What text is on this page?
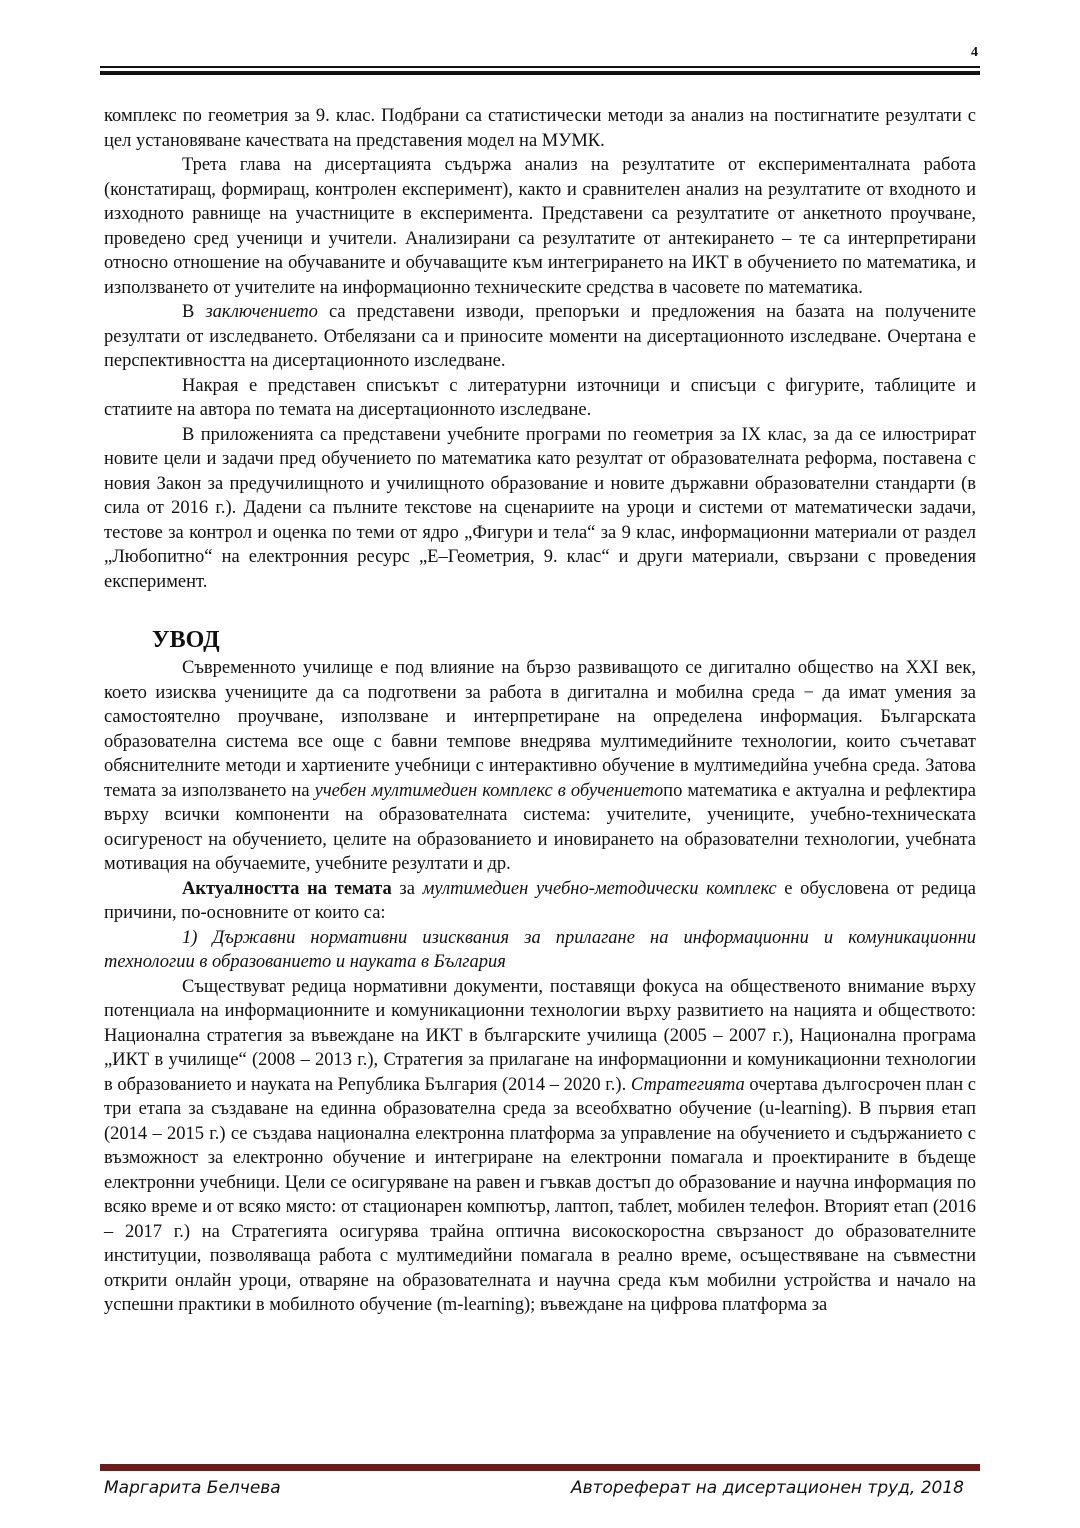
4

комплекс по геометрия за 9. клас. Подбрани са статистически методи за анализ на постигнатите резултати с цел установяване качествата на представения модел на МУМК.

Трета глава на дисертацията съдържа анализ на резултатите от експерименталната работа (констатиращ, формиращ, контролен експеримент), както и сравнителен анализ на резултатите от входното и изходното равнище на участниците в експеримента. Представени са резултатите от анкетното проучване, проведено сред ученици и учители. Анализирани са резултатите от антекирането – те са интерпретирани относно отношение на обучаваните и обучаващите към интегрирането на ИКТ в обучението по математика, и използването от учителите на информационно техническите средства в часовете по математика.

В заключението са представени изводи, препоръки и предложения на базата на получените резултати от изследването. Отбелязани са и приносите моменти на дисертационното изследване. Очертана е перспективността на дисертационното изследване.

Накрая е представен списъкът с литературни източници и списъци с фигурите, таблиците и статиите на автора по темата на дисертационното изследване.

В приложенията са представени учебните програми по геометрия за IX клас, за да се илюстрират новите цели и задачи пред обучението по математика като резултат от образователната реформа, поставена с новия Закон за предучилищното и училищното образование и новите държавни образователни стандарти (в сила от 2016 г.). Дадени са пълните текстове на сценариите на уроци и системи от математически задачи, тестове за контрол и оценка по теми от ядро „Фигури и тела“ за 9 клас, информационни материали от раздел „Любопитно“ на електронния ресурс „Е–Геометрия, 9. клас“ и други материали, свързани с проведения експеримент.

УВОД

Съвременното училище е под влияние на бързо развиващото се дигитално общество на XXI век, което изисква учениците да са подготвени за работа в дигитална и мобилна среда − да имат умения за самостоятелно проучване, използване и интерпретиране на определена информация. Българската образователна система все още с бавни темпове внедрява мултимедийните технологии, които съчетават обяснителните методи и хартиените учебници с интерактивно обучение в мултимедийна учебна среда. Затова темата за използването на учебен мултимедиен комплекс в обучениетопо математика е актуална и рефлектира върху всички компоненти на образователната система: учителите, учениците, учебно-техническата осигуреност на обучението, целите на образованието и иновирането на образователни технологии, учебната мотивация на обучаемите, учебните резултати и др.

Актуалността на темата за мултимедиен учебно-методически комплекс е обусловена от редица причини, по-основните от които са:

1) Държавни нормативни изисквания за прилагане на информационни и комуникационни технологии в образованието и науката в България

Съществуват редица нормативни документи, поставящи фокуса на общественото внимание върху потенциала на информационните и комуникационни технологии върху развитието на нацията и обществото: Национална стратегия за въвеждане на ИКТ в българските училища (2005 – 2007 г.), Национална програма „ИКТ в училище“ (2008 – 2013 г.), Стратегия за прилагане на информационни и комуникационни технологии в образованието и науката на Република България (2014 – 2020 г.). Стратегията очертава дългосрочен план с три етапа за създаване на единна образователна среда за всеобхватно обучение (u-learning). В първия етап (2014 – 2015 г.) се създава национална електронна платформа за управление на обучението и съдържанието с възможност за електронно обучение и интегриране на електронни помагала и проектираните в бъдеще електронни учебници. Цели се осигуряване на равен и гъвкав достъп до образование и научна информация по всяко време и от всяко място: от стационарен компютър, лаптоп, таблет, мобилен телефон. Вторият етап (2016 – 2017 г.) на Стратегията осигурява трайна оптична високоскоростна свързаност до образователните институции, позволяваща работа с мултимедийни помагала в реално време, осъществяване на съвместни открити онлайн уроци, отваряне на образователната и научна среда към мобилни устройства и начало на успешни практики в мобилното обучение (m-learning); въвеждане на цифрова платформа за

Маргарита Белчева	Автореферат на дисертационен труд, 2018
